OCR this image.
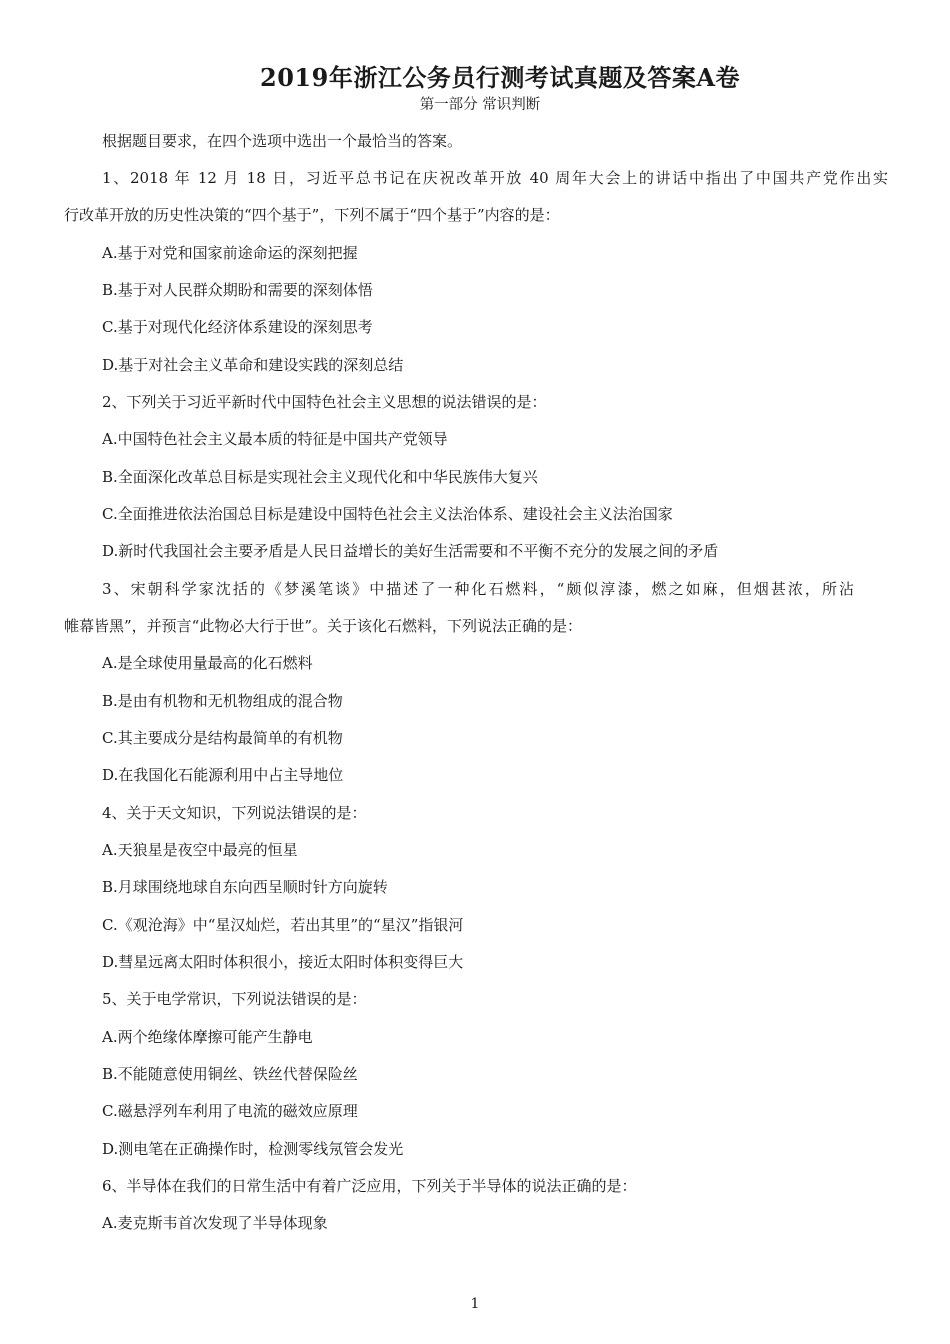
2019年浙江公务员行测考试真题及答案A卷
第一部分 常识判断
根据题目要求，在四个选项中选出一个最恰当的答案。
1、2018 年 12 月 18 日，习近平总书记在庆祝改革开放 40 周年大会上的讲话中指出了中国共产党作出实
行改革开放的历史性决策的“四个基于”，下列不属于“四个基于”内容的是：
A.基于对党和国家前途命运的深刻把握
B.基于对人民群众期盼和需要的深刻体悟
C.基于对现代化经济体系建设的深刻思考
D.基于对社会主义革命和建设实践的深刻总结
2、下列关于习近平新时代中国特色社会主义思想的说法错误的是：
A.中国特色社会主义最本质的特征是中国共产党领导
B.全面深化改革总目标是实现社会主义现代化和中华民族伟大复兴
C.全面推进依法治国总目标是建设中国特色社会主义法治体系、建设社会主义法治国家
D.新时代我国社会主要矛盾是人民日益增长的美好生活需要和不平衡不充分的发展之间的矛盾
3、宋朝科学家沈括的《梦溪笔谈》中描述了一种化石燃料，“颇似淳漆，燃之如麻，但烟甚浓，所沾
帷幕皆黑”，并预言“此物必大行于世”。关于该化石燃料，下列说法正确的是：
A.是全球使用量最高的化石燃料
B.是由有机物和无机物组成的混合物
C.其主要成分是结构最简单的有机物
D.在我国化石能源利用中占主导地位
4、关于天文知识，下列说法错误的是：
A.天狼星是夜空中最亮的恒星
B.月球围绕地球自东向西呈顺时针方向旋转
C.《观沧海》中“星汉灿烂，若出其里”的“星汉”指银河
D.彗星远离太阳时体积很小，接近太阳时体积变得巨大
5、关于电学常识，下列说法错误的是：
A.两个绝缘体摩擦可能产生静电
B.不能随意使用铜丝、铁丝代替保险丝
C.磁悬浮列车利用了电流的磁效应原理
D.测电笔在正确操作时，检测零线氖管会发光
6、半导体在我们的日常生活中有着广泛应用，下列关于半导体的说法正确的是：
A.麦克斯韦首次发现了半导体现象
1
